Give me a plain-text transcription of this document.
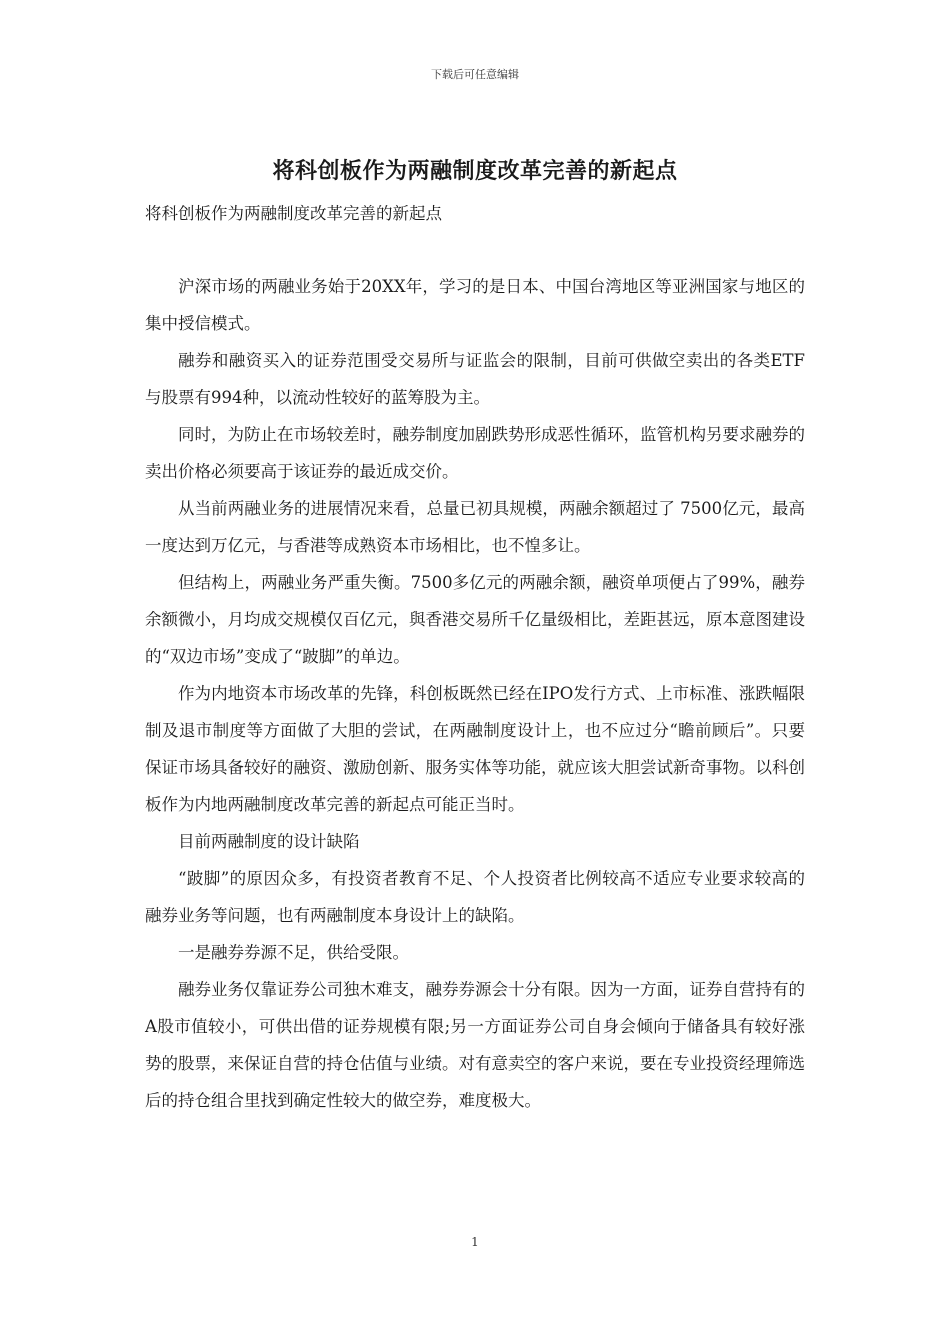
下载后可任意编辑
将科创板作为两融制度改革完善的新起点
将科创板作为两融制度改革完善的新起点

沪深市场的两融业务始于20XX年，学习的是日本、中国台湾地区等亚洲国家与地区的集中授信模式。

融券和融资买入的证券范围受交易所与证监会的限制，目前可供做空卖出的各类ETF与股票有994种，以流动性较好的蓝筹股为主。

同时，为防止在市场较差时，融券制度加剧跌势形成恶性循环，监管机构另要求融券的卖出价格必须要高于该证券的最近成交价。

从当前两融业务的进展情况来看，总量已初具规模，两融余额超过了 7500亿元，最高一度达到万亿元，与香港等成熟资本市场相比，也不惶多让。

但结构上，两融业务严重失衡。7500多亿元的两融余额，融资单项便占了99%，融券余额微小，月均成交规模仅百亿元，與香港交易所千亿量级相比，差距甚远，原本意图建设的“双边市场”变成了“跛脚”的单边。

作为内地资本市场改革的先锋，科创板既然已经在IPO发行方式、上市标准、涨跌幅限制及退市制度等方面做了大胆的尝试，在两融制度设计上，也不应过分“瞻前顾后”。只要保证市场具备较好的融资、激励创新、服务实体等功能，就应该大胆尝试新奇事物。以科创板作为内地两融制度改革完善的新起点可能正当时。

目前两融制度的设计缺陷

“跛脚”的原因众多，有投资者教育不足、个人投资者比例较高不适应专业要求较高的融券业务等问题，也有两融制度本身设计上的缺陷。

一是融券券源不足，供给受限。

融券业务仅靠证券公司独木难支，融券券源会十分有限。因为一方面，证券自营持有的A股市值较小，可供出借的证券规模有限;另一方面证券公司自身会倾向于储备具有较好涨势的股票，来保证自营的持仓估值与业绩。对有意卖空的客户来说，要在专业投资经理筛选后的持仓组合里找到确定性较大的做空券，难度极大。

1
